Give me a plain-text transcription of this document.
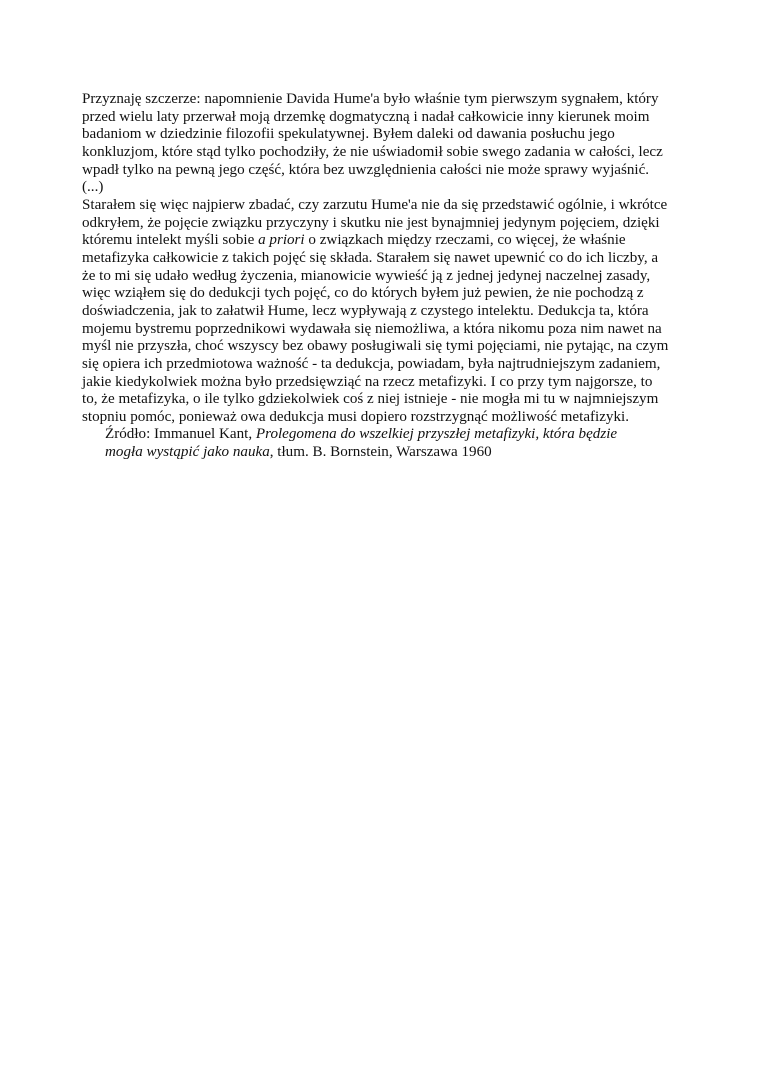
Przyznaję szczerze: napomnienie Davida Hume'a było właśnie tym pierwszym sygnałem, który
przed wielu laty przerwał moją drzemkę dogmatyczną i nadał całkowicie inny kierunek moim
badaniom w dziedzinie filozofii spekulatywnej. Byłem daleki od dawania posłuchu jego
konkluzjom, które stąd tylko pochodziły, że nie uświadomił sobie swego zadania w całości, lecz
wpadł tylko na pewną jego część, która bez uwzględnienia całości nie może sprawy wyjaśnić.
(...)

Starałem się więc najpierw zbadać, czy zarzutu Hume'a nie da się przedstawić ogólnie, i wkrótce
odkryłem, że pojęcie związku przyczyny i skutku nie jest bynajmniej jedynym pojęciem, dzięki
któremu intelekt myśli sobie a priori o związkach między rzeczami, co więcej, że właśnie
metafizyka całkowicie z takich pojęć się składa. Starałem się nawet upewnić co do ich liczby, a
że to mi się udało według życzenia, mianowicie wywieść ją z jednej jedynej naczelnej zasady,
więc wziąłem się do dedukcji tych pojęć, co do których byłem już pewien, że nie pochodzą z
doświadczenia, jak to załatwił Hume, lecz wypływają z czystego intelektu. Dedukcja ta, która
mojemu bystremu poprzednikowi wydawała się niemożliwa, a która nikomu poza nim nawet na
myśl nie przyszła, choć wszyscy bez obawy posługiwali się tymi pojęciami, nie pytając, na czym
się opiera ich przedmiotowa ważność - ta dedukcja, powiadam, była najtrudniejszym zadaniem,
jakie kiedykolwiek można było przedsięwziąć na rzecz metafizyki. I co przy tym najgorsze, to
to, że metafizyka, o ile tylko gdziekolwiek coś z niej istnieje - nie mogła mi tu w najmniejszym
stopniu pomóc, ponieważ owa dedukcja musi dopiero rozstrzygnąć możliwość metafizyki.

Źródło: Immanuel Kant, Prolegomena do wszelkiej przyszłej metafizyki, która będzie
mogła wystąpić jako nauka, tłum. B. Bornstein, Warszawa 1960
